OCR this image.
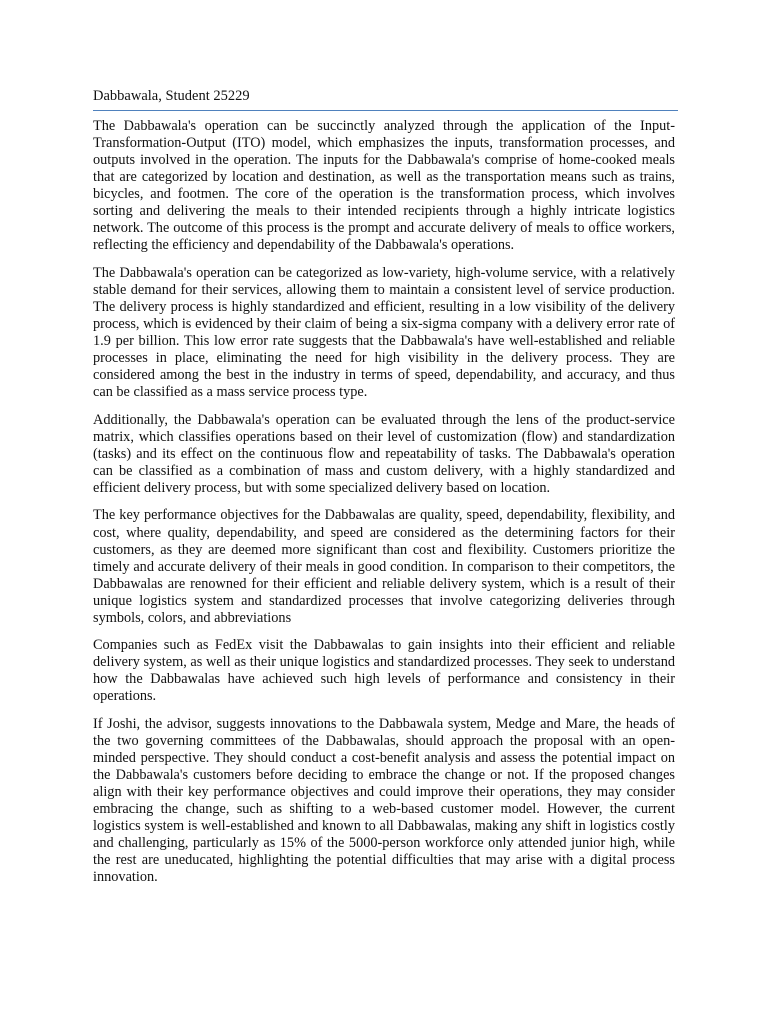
Dabbawala, Student 25229

The Dabbawala's operation can be succinctly analyzed through the application of the Input-Transformation-Output (ITO) model, which emphasizes the inputs, transformation processes, and outputs involved in the operation. The inputs for the Dabbawala's comprise of home-cooked meals that are categorized by location and destination, as well as the transportation means such as trains, bicycles, and footmen. The core of the operation is the transformation process, which involves sorting and delivering the meals to their intended recipients through a highly intricate logistics network. The outcome of this process is the prompt and accurate delivery of meals to office workers, reflecting the efficiency and dependability of the Dabbawala's operations.

The Dabbawala's operation can be categorized as low-variety, high-volume service, with a relatively stable demand for their services, allowing them to maintain a consistent level of service production. The delivery process is highly standardized and efficient, resulting in a low visibility of the delivery process, which is evidenced by their claim of being a six-sigma company with a delivery error rate of 1.9 per billion. This low error rate suggests that the Dabbawala's have well-established and reliable processes in place, eliminating the need for high visibility in the delivery process. They are considered among the best in the industry in terms of speed, dependability, and accuracy, and thus can be classified as a mass service process type.

Additionally, the Dabbawala's operation can be evaluated through the lens of the product-service matrix, which classifies operations based on their level of customization (flow) and standardization (tasks) and its effect on the continuous flow and repeatability of tasks. The Dabbawala's operation can be classified as a combination of mass and custom delivery, with a highly standardized and efficient delivery process, but with some specialized delivery based on location.

The key performance objectives for the Dabbawalas are quality, speed, dependability, flexibility, and cost, where quality, dependability, and speed are considered as the determining factors for their customers, as they are deemed more significant than cost and flexibility. Customers prioritize the timely and accurate delivery of their meals in good condition. In comparison to their competitors, the Dabbawalas are renowned for their efficient and reliable delivery system, which is a result of their unique logistics system and standardized processes that involve categorizing deliveries through symbols, colors, and abbreviations

Companies such as FedEx visit the Dabbawalas to gain insights into their efficient and reliable delivery system, as well as their unique logistics and standardized processes. They seek to understand how the Dabbawalas have achieved such high levels of performance and consistency in their operations.

If Joshi, the advisor, suggests innovations to the Dabbawala system, Medge and Mare, the heads of the two governing committees of the Dabbawalas, should approach the proposal with an open-minded perspective. They should conduct a cost-benefit analysis and assess the potential impact on the Dabbawala's customers before deciding to embrace the change or not. If the proposed changes align with their key performance objectives and could improve their operations, they may consider embracing the change, such as shifting to a web-based customer model. However, the current logistics system is well-established and known to all Dabbawalas, making any shift in logistics costly and challenging, particularly as 15% of the 5000-person workforce only attended junior high, while the rest are uneducated, highlighting the potential difficulties that may arise with a digital process innovation.
